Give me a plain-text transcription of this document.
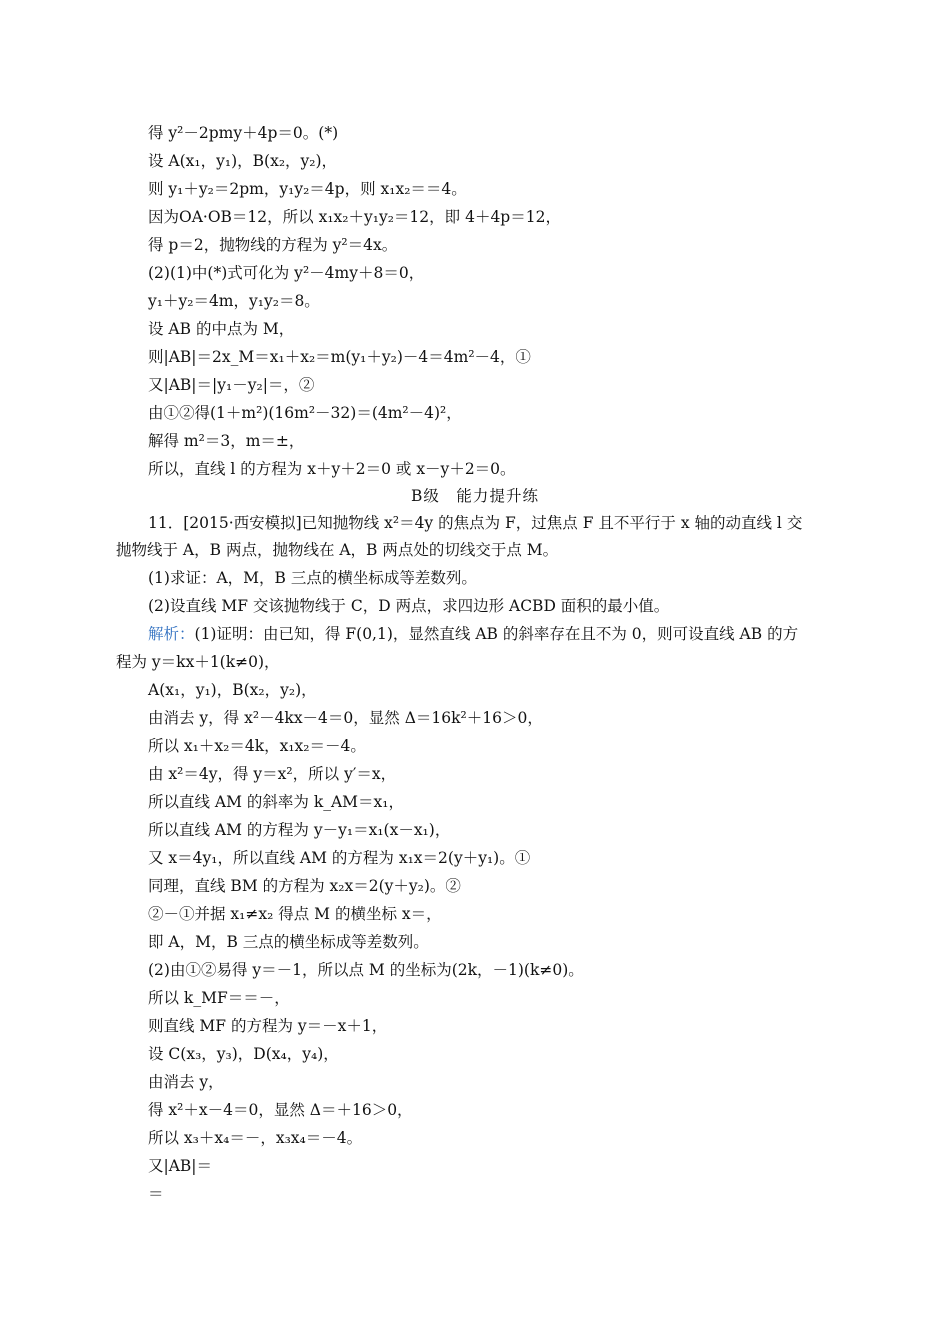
得 y²－2pmy＋4p＝0。(*)
设 A(x₁，y₁)，B(x₂，y₂)，
则 y₁＋y₂＝2pm，y₁y₂＝4p，则 x₁x₂＝＝4。
因为OA·OB＝12，所以 x₁x₂＋y₁y₂＝12，即 4＋4p＝12，
得 p＝2，抛物线的方程为 y²＝4x。
(2)(1)中(*)式可化为 y²－4my＋8＝0，
y₁＋y₂＝4m，y₁y₂＝8。
设 AB 的中点为 M，
则|AB|＝2x_M＝x₁＋x₂＝m(y₁＋y₂)－4＝4m²－4，①
又|AB|＝|y₁－y₂|＝，②
由①②得(1＋m²)(16m²－32)＝(4m²－4)²，
解得 m²＝3，m＝±，
所以，直线 l 的方程为 x＋y＋2＝0 或 x－y＋2＝0。
B级　能力提升练
11．[2015·西安模拟]已知抛物线 x²＝4y 的焦点为 F，过焦点 F 且不平行于 x 轴的动直线 l 交
抛物线于 A，B 两点，抛物线在 A，B 两点处的切线交于点 M。
(1)求证：A，M，B 三点的横坐标成等差数列。
(2)设直线 MF 交该抛物线于 C，D 两点，求四边形 ACBD 面积的最小值。
解析：(1)证明：由已知，得 F(0,1)，显然直线 AB 的斜率存在且不为 0，则可设直线 AB 的方
程为 y＝kx＋1(k≠0)，
A(x₁，y₁)，B(x₂，y₂)，
由消去 y，得 x²－4kx－4＝0，显然 Δ＝16k²＋16＞0，
所以 x₁＋x₂＝4k，x₁x₂＝－4。
由 x²＝4y，得 y＝x²，所以 y′＝x，
所以直线 AM 的斜率为 k_AM＝x₁，
所以直线 AM 的方程为 y－y₁＝x₁(x－x₁)，
又 x＝4y₁，所以直线 AM 的方程为 x₁x＝2(y＋y₁)。①
同理，直线 BM 的方程为 x₂x＝2(y＋y₂)。②
②－①并据 x₁≠x₂ 得点 M 的横坐标 x＝，
即 A，M，B 三点的横坐标成等差数列。
(2)由①②易得 y＝－1，所以点 M 的坐标为(2k，－1)(k≠0)。
所以 k_MF＝＝－，
则直线 MF 的方程为 y＝－x＋1，
设 C(x₃，y₃)，D(x₄，y₄)，
由消去 y，
得 x²＋x－4＝0，显然 Δ＝＋16＞0，
所以 x₃＋x₄＝－，x₃x₄＝－4。
又|AB|＝
＝
